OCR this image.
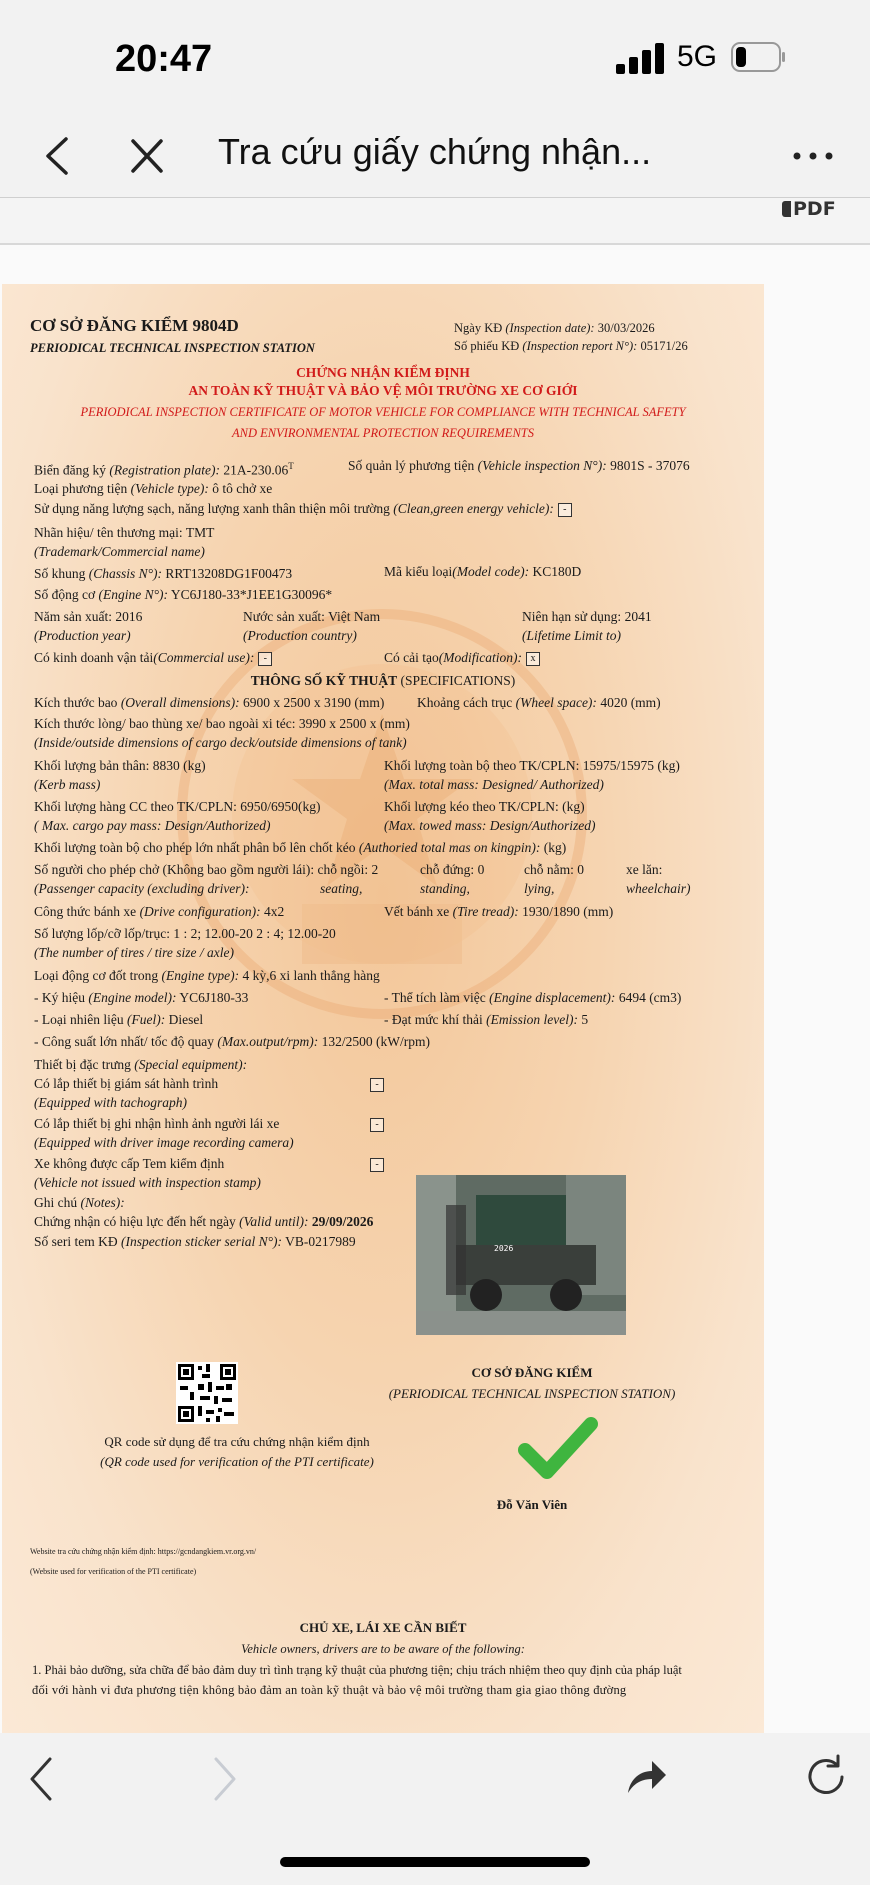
20:47	5G
Tra cứu giấy chứng nhận...
PDF
CƠ SỞ ĐĂNG KIỂM 9804D
PERIODICAL TECHNICAL INSPECTION STATION
Ngày KĐ (Inspection date): 30/03/2026
Số phiếu KĐ (Inspection report N°): 05171/26
CHỨNG NHẬN KIỂM ĐỊNH
AN TOÀN KỸ THUẬT VÀ BẢO VỆ MÔI TRƯỜNG XE CƠ GIỚI
PERIODICAL INSPECTION CERTIFICATE OF MOTOR VEHICLE FOR COMPLIANCE WITH TECHNICAL SAFETY
AND ENVIRONMENTAL PROTECTION REQUIREMENTS
Biển đăng ký (Registration plate): $21A-230.06^T$	Số quản lý phương tiện (Vehicle inspection N°): 9801S - 37076
Loại phương tiện (Vehicle type): ô tô chở xe
Sử dụng năng lượng sạch, năng lượng xanh thân thiện môi trường (Clean,green energy vehicle): -
Nhãn hiệu/ tên thương mại: TMT
(Trademark/Commercial name)
Số khung (Chassis N°): RRT13208DG1F00473	Mã kiểu loại(Model code): KC180D
Số động cơ (Engine N°): YC6J180-33*J1EE1G30096*
Năm sản xuất: 2016
(Production year)
Nước sản xuất: Việt Nam
(Production country)
Niên hạn sử dụng: 2041
(Lifetime Limit to)
Có kinh doanh vận tải(Commercial use): -	Có cải tạo(Modification): x
THÔNG SỐ KỸ THUẬT (SPECIFICATIONS)
Kích thước bao (Overall dimensions): 6900 x 2500 x 3190 (mm) Khoảng cách trục (Wheel space): 4020 (mm)
Kích thước lòng/ bao thùng xe/ bao ngoài xi téc: 3990 x 2500 x (mm)
(Inside/outside dimensions of cargo deck/outside dimensions of tank)
Khối lượng bản thân: 8830 (kg)
(Kerb mass)
Khối lượng toàn bộ theo TK/CPLN: 15975/15975 (kg)
(Max. total mass: Designed/ Authorized)
Khối lượng hàng CC theo TK/CPLN: 6950/6950(kg)
( Max. cargo pay mass: Design/Authorized)
Khối lượng kéo theo TK/CPLN: (kg)
(Max. towed mass: Design/Authorized)
Khối lượng toàn bộ cho phép lớn nhất phân bổ lên chốt kéo (Authoried total mas on kingpin): (kg)
Số người cho phép chở (Không bao gồm người lái): chỗ ngồi: 2	chỗ đứng: 0	chỗ nằm: 0	xe lăn:
(Passenger capacity (excluding driver):	seating,	standing,	lying,	wheelchair)
Công thức bánh xe (Drive configuration): 4x2	Vết bánh xe (Tire tread): 1930/1890 (mm)
Số lượng lốp/cỡ lốp/trục: 1 : 2; 12.00-20 2 : 4; 12.00-20
(The number of tires / tire size / axle)
Loại động cơ đốt trong (Engine type): 4 kỳ,6 xi lanh thẳng hàng
- Ký hiệu (Engine model): YC6J180-33	- Thể tích làm việc (Engine displacement): 6494 (cm3)
- Loại nhiên liệu (Fuel): Diesel	- Đạt mức khí thải (Emission level): 5
- Công suất lớn nhất/ tốc độ quay (Max.output/rpm): 132/2500 (kW/rpm)
Thiết bị đặc trưng (Special equipment):
Có lắp thiết bị giám sát hành trình	-
(Equipped with tachograph)
Có lắp thiết bị ghi nhận hình ảnh người lái xe	-
(Equipped with driver image recording camera)
Xe không được cấp Tem kiểm định	-
(Vehicle not issued with inspection stamp)
Ghi chú (Notes):
Chứng nhận có hiệu lực đến hết ngày (Valid until): 29/09/2026
Số seri tem KĐ (Inspection sticker serial N°): VB-0217989	2026
QR code sử dụng để tra cứu chứng nhận kiểm định
(QR code used for verification of the PTI certificate)
CƠ SỞ ĐĂNG KIỂM
(PERIODICAL TECHNICAL INSPECTION STATION)
Đỗ Văn Viên
Website tra cứu chứng nhận kiểm định: https://gcndangkiem.vr.org.vn/
(Website used for verification of the PTI certificate)
CHỦ XE, LÁI XE CẦN BIẾT
Vehicle owners, drivers are to be aware of the following:
1. Phải bảo dưỡng, sửa chữa để bảo đảm duy trì tình trạng kỹ thuật của phương tiện; chịu trách nhiệm theo quy định của pháp luật
đối với hành vi đưa phương tiện không bảo đảm an toàn kỹ thuật và bảo vệ môi trường tham gia giao thông đường
